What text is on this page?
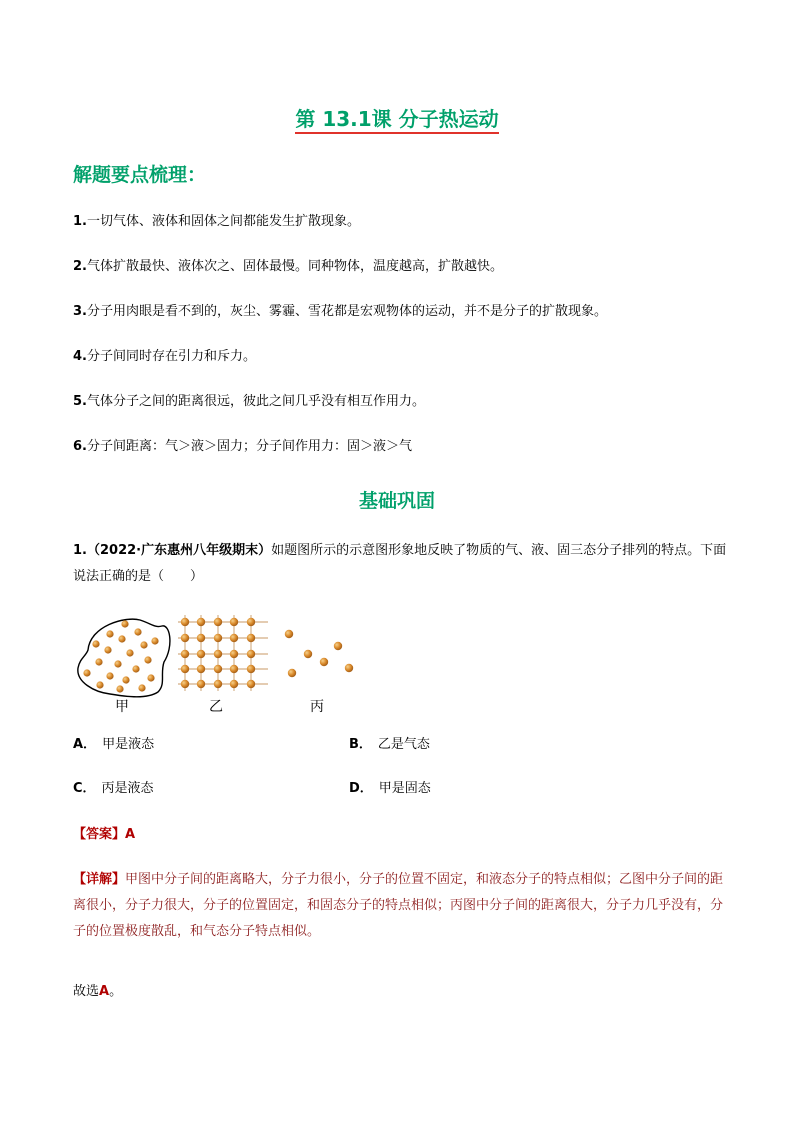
第 13.1课 分子热运动
解题要点梳理：
1.一切气体、液体和固体之间都能发生扩散现象。
2.气体扩散最快、液体次之、固体最慢。同种物体，温度越高，扩散越快。
3.分子用肉眼是看不到的，灰尘、雾霾、雪花都是宏观物体的运动，并不是分子的扩散现象。
4.分子间同时存在引力和斥力。
5.气体分子之间的距离很远，彼此之间几乎没有相互作用力。
6.分子间距离：气＞液＞固力；分子间作用力：固＞液＞气
基础巩固
1.（2022·广东惠州八年级期末）如题图所示的示意图形象地反映了物质的气、液、固三态分子排列的特点。下面说法正确的是（　　）
甲	乙	丙
A． 甲是液态	B． 乙是气态
C． 丙是液态	D． 甲是固态
【答案】A
【详解】甲图中分子间的距离略大，分子力很小，分子的位置不固定，和液态分子的特点相似；乙图中分子间的距离很小，分子力很大，分子的位置固定，和固态分子的特点相似；丙图中分子间的距离很大，分子力几乎没有，分子的位置极度散乱，和气态分子特点相似。
故选A。
